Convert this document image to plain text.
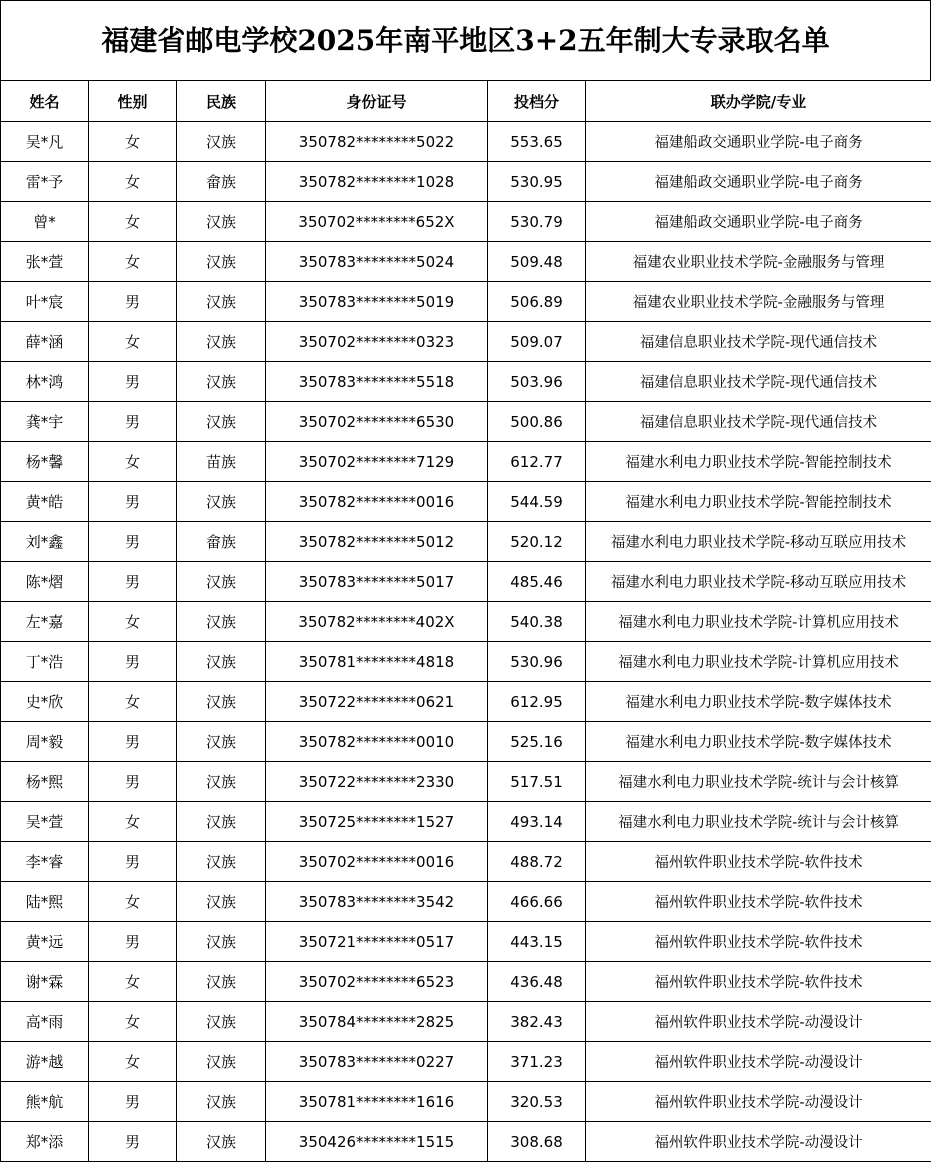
福建省邮电学校2025年南平地区3+2五年制大专录取名单
姓名	性别	民族	身份证号	投档分	联办学院/专业
吴*凡	女	汉族	350782********5022	553.65	福建船政交通职业学院-电子商务
雷*予	女	畲族	350782********1028	530.95	福建船政交通职业学院-电子商务
曾*	女	汉族	350702********652X	530.79	福建船政交通职业学院-电子商务
张*萱	女	汉族	350783********5024	509.48	福建农业职业技术学院-金融服务与管理
叶*宸	男	汉族	350783********5019	506.89	福建农业职业技术学院-金融服务与管理
薛*涵	女	汉族	350702********0323	509.07	福建信息职业技术学院-现代通信技术
林*鸿	男	汉族	350783********5518	503.96	福建信息职业技术学院-现代通信技术
龚*宇	男	汉族	350702********6530	500.86	福建信息职业技术学院-现代通信技术
杨*馨	女	苗族	350702********7129	612.77	福建水利电力职业技术学院-智能控制技术
黄*皓	男	汉族	350782********0016	544.59	福建水利电力职业技术学院-智能控制技术
刘*鑫	男	畲族	350782********5012	520.12	福建水利电力职业技术学院-移动互联应用技术
陈*熠	男	汉族	350783********5017	485.46	福建水利电力职业技术学院-移动互联应用技术
左*嘉	女	汉族	350782********402X	540.38	福建水利电力职业技术学院-计算机应用技术
丁*浩	男	汉族	350781********4818	530.96	福建水利电力职业技术学院-计算机应用技术
史*欣	女	汉族	350722********0621	612.95	福建水利电力职业技术学院-数字媒体技术
周*毅	男	汉族	350782********0010	525.16	福建水利电力职业技术学院-数字媒体技术
杨*熙	男	汉族	350722********2330	517.51	福建水利电力职业技术学院-统计与会计核算
吴*萱	女	汉族	350725********1527	493.14	福建水利电力职业技术学院-统计与会计核算
李*睿	男	汉族	350702********0016	488.72	福州软件职业技术学院-软件技术
陆*熙	女	汉族	350783********3542	466.66	福州软件职业技术学院-软件技术
黄*远	男	汉族	350721********0517	443.15	福州软件职业技术学院-软件技术
谢*霖	女	汉族	350702********6523	436.48	福州软件职业技术学院-软件技术
高*雨	女	汉族	350784********2825	382.43	福州软件职业技术学院-动漫设计
游*越	女	汉族	350783********0227	371.23	福州软件职业技术学院-动漫设计
熊*航	男	汉族	350781********1616	320.53	福州软件职业技术学院-动漫设计
郑*添	男	汉族	350426********1515	308.68	福州软件职业技术学院-动漫设计
